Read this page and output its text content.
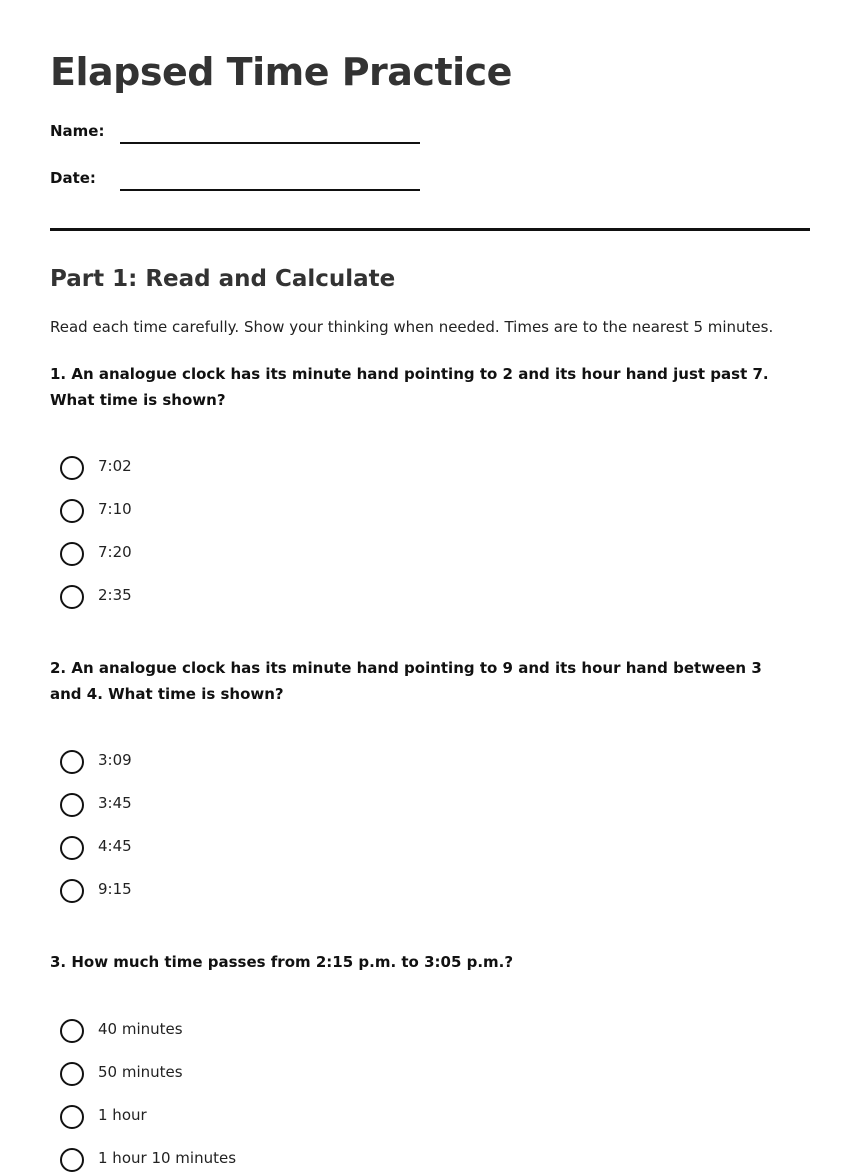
Elapsed Time Practice
Name:
Date:
Part 1: Read and Calculate
Read each time carefully. Show your thinking when needed. Times are to the nearest 5 minutes.

1. An analogue clock has its minute hand pointing to 2 and its hour hand just past 7. What time is shown?

7:02
7:10
7:20
2:35

2. An analogue clock has its minute hand pointing to 9 and its hour hand between 3 and 4. What time is shown?

3:09
3:45
4:45
9:15

3. How much time passes from 2:15 p.m. to 3:05 p.m.?

40 minutes
50 minutes
1 hour
1 hour 10 minutes
